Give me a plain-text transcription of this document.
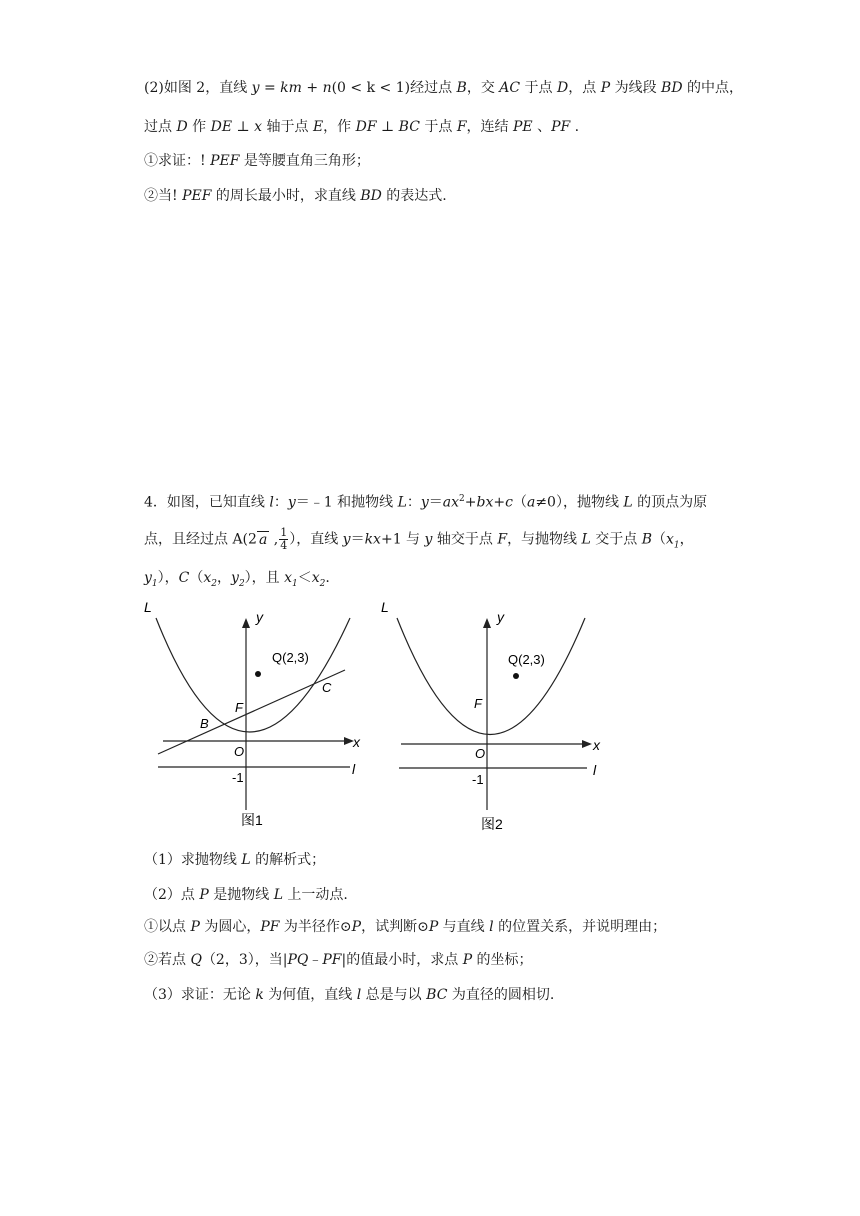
(2)如图 2，直线 y = km + n(0 < k < 1)经过点 B，交 AC 于点 D，点 P 为线段 BD 的中点，
过点 D 作 DE ⊥ x 轴于点 E，作 DF ⊥ BC 于点 F，连结 PE 、PF .
①求证：! PEF 是等腰直角三角形；
②当! PEF 的周长最小时，求直线 BD 的表达式.
4．如图，已知直线 l：y＝﹣1 和抛物线 L：$y=ax^2+bx+c(a\ne 0)$，抛物线 L 的顶点为原
点，且经过点 A(2 a , $\frac{1}{4}$ ），直线 y＝kx+1 与 y 轴交于点 F，与抛物线 L 交于点 $B(x_1$，
$y_1$），$C(x_2$，$y_2$），且 $x_1<x_2$.
L
y
x
l
Q(2,3)
F
C
B
O
-1
图1
L
y
x
l
Q(2,3)
F
O
-1
图2
（1）求抛物线 L 的解析式；
（2）点 P 是抛物线 L 上一动点.
①以点 P 为圆心，PF 为半径作⊙P，试判断⊙P 与直线 l 的位置关系，并说明理由；
②若点 Q（2，3），当|PQ﹣PF|的值最小时，求点 P 的坐标；
（3）求证：无论 k 为何值，直线 l 总是与以 BC 为直径的圆相切.
